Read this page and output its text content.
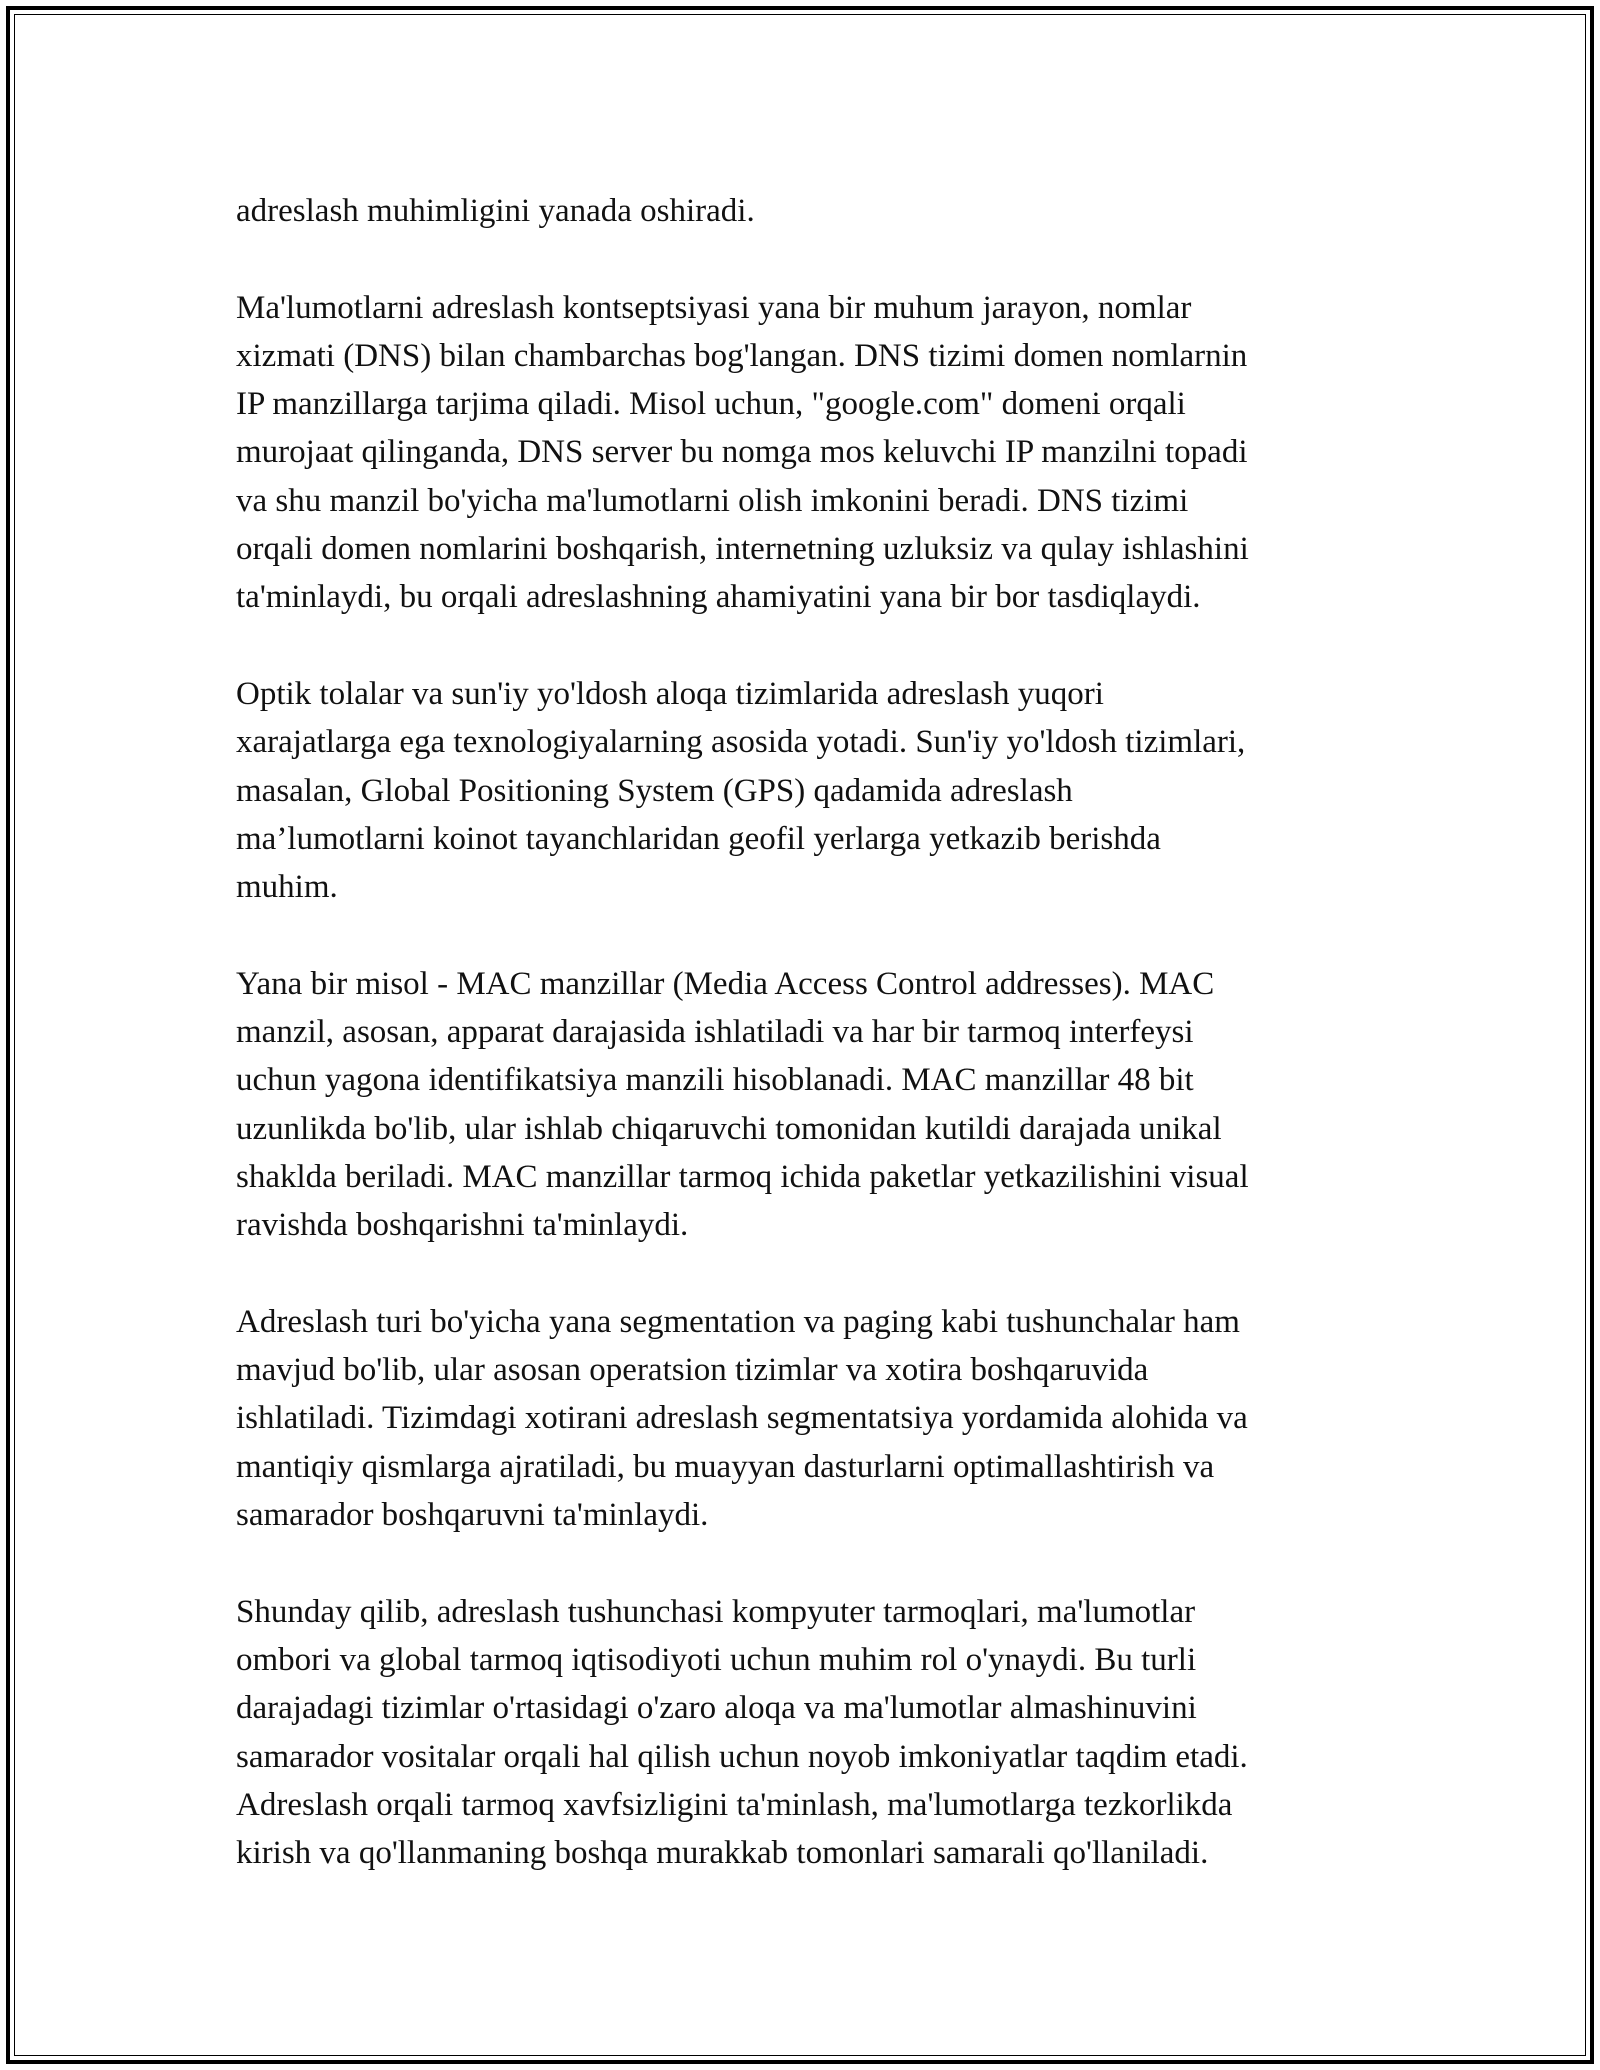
adreslash muhimligini yanada oshiradi.

Ma'lumotlarni adreslash kontseptsiyasi yana bir muhum jarayon, nomlar
xizmati (DNS) bilan chambarchas bog'langan. DNS tizimi domen nomlarnin
IP manzillarga tarjima qiladi. Misol uchun, "google.com" domeni orqali
murojaat qilinganda, DNS server bu nomga mos keluvchi IP manzilni topadi
va shu manzil bo'yicha ma'lumotlarni olish imkonini beradi. DNS tizimi
orqali domen nomlarini boshqarish, internetning uzluksiz va qulay ishlashini
ta'minlaydi, bu orqali adreslashning ahamiyatini yana bir bor tasdiqlaydi.

Optik tolalar va sun'iy yo'ldosh aloqa tizimlarida adreslash yuqori
xarajatlarga ega texnologiyalarning asosida yotadi. Sun'iy yo'ldosh tizimlari,
masalan, Global Positioning System (GPS) qadamida adreslash
ma’lumotlarni koinot tayanchlaridan geofil yerlarga yetkazib berishda
muhim.

Yana bir misol - MAC manzillar (Media Access Control addresses). MAC
manzil, asosan, apparat darajasida ishlatiladi va har bir tarmoq interfeysi
uchun yagona identifikatsiya manzili hisoblanadi. MAC manzillar 48 bit
uzunlikda bo'lib, ular ishlab chiqaruvchi tomonidan kutildi darajada unikal
shaklda beriladi. MAC manzillar tarmoq ichida paketlar yetkazilishini visual
ravishda boshqarishni ta'minlaydi.

Adreslash turi bo'yicha yana segmentation va paging kabi tushunchalar ham
mavjud bo'lib, ular asosan operatsion tizimlar va xotira boshqaruvida
ishlatiladi. Tizimdagi xotirani adreslash segmentatsiya yordamida alohida va
mantiqiy qismlarga ajratiladi, bu muayyan dasturlarni optimallashtirish va
samarador boshqaruvni ta'minlaydi.

Shunday qilib, adreslash tushunchasi kompyuter tarmoqlari, ma'lumotlar
ombori va global tarmoq iqtisodiyoti uchun muhim rol o'ynaydi. Bu turli
darajadagi tizimlar o'rtasidagi o'zaro aloqa va ma'lumotlar almashinuvini
samarador vositalar orqali hal qilish uchun noyob imkoniyatlar taqdim etadi.
Adreslash orqali tarmoq xavfsizligini ta'minlash, ma'lumotlarga tezkorlikda
kirish va qo'llanmaning boshqa murakkab tomonlari samarali qo'llaniladi.
